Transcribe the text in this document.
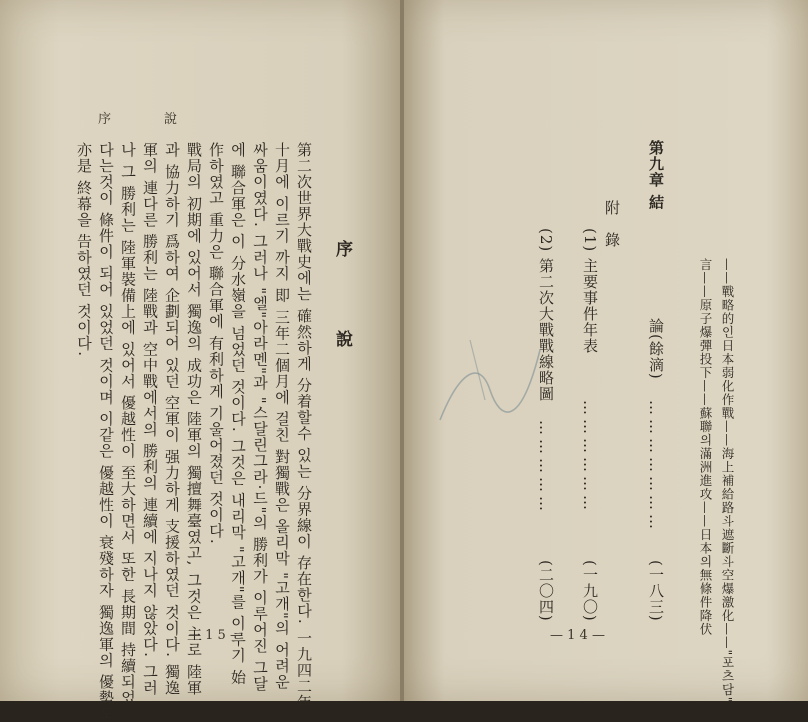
序　說
序　說
第二次世界大戰史에는 確然하게 分着할수 있는 分界線이 存在한다. 一九四二年
十月에 이르기 까지 即 三年二個月에 걸친 對獨戰은 올리막 "고개"의 어려운
싸움이였다. 그러나 "엘"아라멘"과 "스달린그라·드"의 勝利가 이루어진 그달
에 聯合軍은 이 分水嶺을 넘었던 것이다. 그것은 내리막 "고개"를 이루기 始
作하였고 重力은 聯合軍에 有利하게 기울어졌던 것이다.
戰局의 初期에 있어서 獨逸의 成功은 陸軍의 獨擅舞臺였고, 그것은 主로 陸軍
과 協力하기 爲하여 企劃되어 있던 空軍이 强力하게 支援하였던 것이다. 獨逸
軍의 連다른 勝利는 陸戰과 空中戰에서의 勝利의 連續에 지나지 않았다. 그러
나 그 勝利는 陸軍裝備上에 있어서 優越性이 至大하면서 또한 長期間 持續되었
다는것이 條件이 되어 있었던 것이며 이같은 優越性이 衰殘하자 獨逸軍의 優勢도
亦是 終幕을 告하였던 것이다.
— 1 5 —
第九章 結
——戰略的인日本弱化作戰——海上補給路斗遮斷斗空爆激化——"포츠담"宣
言——原子爆彈投下——蘇聯의滿洲進攻——日本의無條件降伏
論(餘滴)
…………………
(一八三)
附　錄
(1) 主要事件年表
………………
(一九〇)
(2) 第二次大戰戰線略圖
……………
(二〇四)
— 1 4 —
